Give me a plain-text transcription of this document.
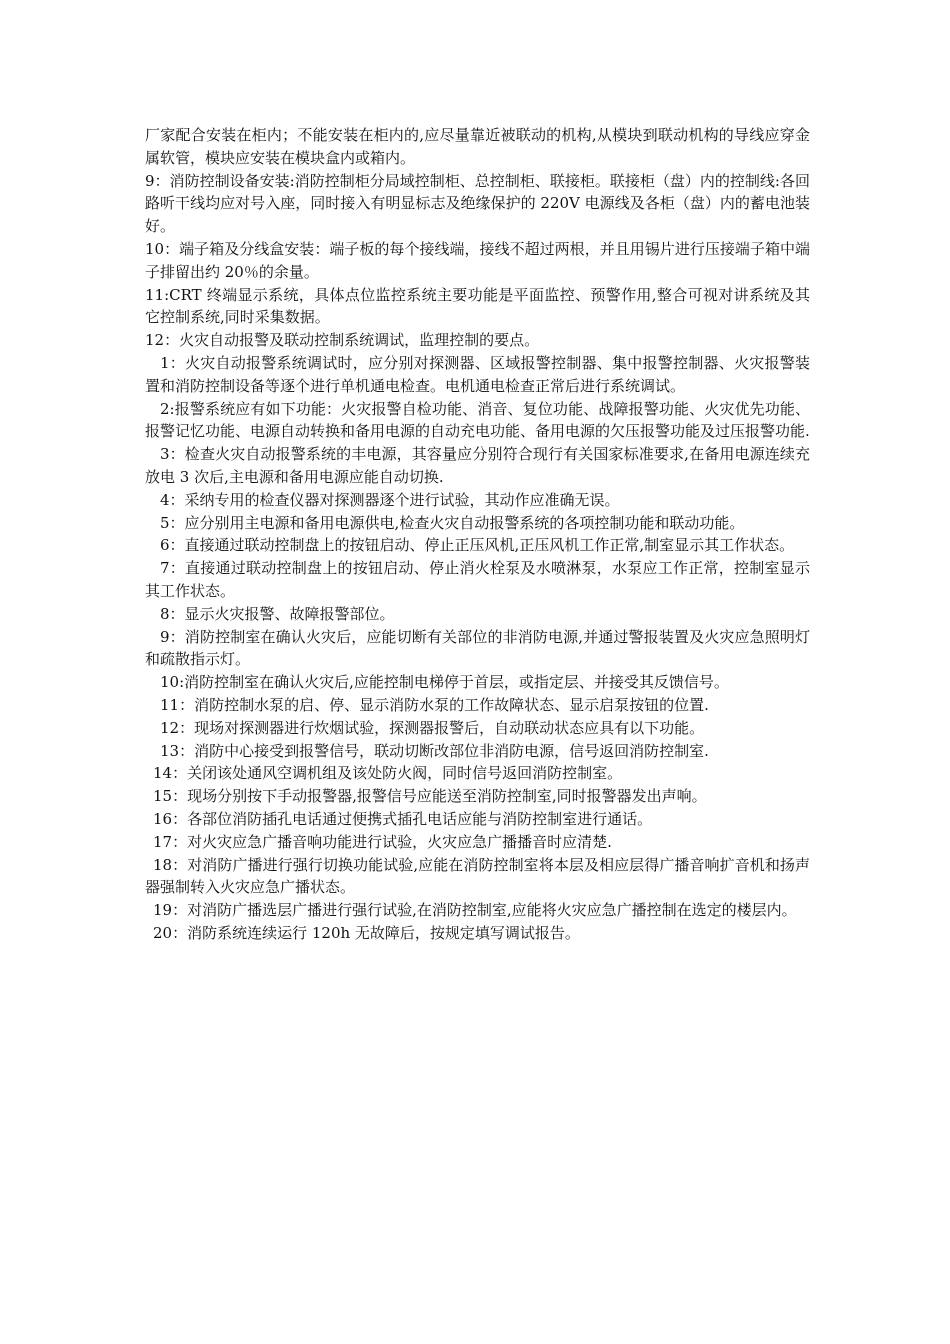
厂家配合安装在柜内；不能安装在柜内的,应尽量靠近被联动的机构,从模块到联动机构的导线应穿金属软管，模块应安装在模块盒内或箱内。

9：消防控制设备安装:消防控制柜分局域控制柜、总控制柜、联接柜。联接柜（盘）内的控制线:各回路听干线均应对号入座，同时接入有明显标志及绝缘保护的 220V 电源线及各柜（盘）内的蓄电池装好。

10：端子箱及分线盒安装：端子板的每个接线端，接线不超过两根，并且用锡片进行压接端子箱中端子排留出约 20％的余量。

11:CRT 终端显示系统，具体点位监控系统主要功能是平面监控、预警作用,整合可视对讲系统及其它控制系统,同时采集数据。

12：火灾自动报警及联动控制系统调试，监理控制的要点。

1：火灾自动报警系统调试时，应分别对探测器、区域报警控制器、集中报警控制器、火灾报警装置和消防控制设备等逐个进行单机通电检查。电机通电检查正常后进行系统调试。

2:报警系统应有如下功能：火灾报警自检功能、消音、复位功能、战障报警功能、火灾优先功能、报警记忆功能、电源自动转换和备用电源的自动充电功能、备用电源的欠压报警功能及过压报警功能.

3：检查火灾自动报警系统的丰电源，其容量应分别符合现行有关国家标准要求,在备用电源连续充放电 3 次后,主电源和备用电源应能自动切换.

4：采纳专用的检查仪器对探测器逐个进行试验，其动作应准确无误。

5：应分别用主电源和备用电源供电,检查火灾自动报警系统的各项控制功能和联动功能。

6：直接通过联动控制盘上的按钮启动、停止正压风机,正压风机工作正常,制室显示其工作状态。

7：直接通过联动控制盘上的按钮启动、停止消火栓泵及水喷淋泵，水泵应工作正常，控制室显示其工作状态。

8：显示火灾报警、故障报警部位。

9：消防控制室在确认火灾后，应能切断有关部位的非消防电源,并通过警报装置及火灾应急照明灯和疏散指示灯。

10:消防控制室在确认火灾后,应能控制电梯停于首层，或指定层、并接受其反馈信号。

11：消防控制水泵的启、停、显示消防水泵的工作故障状态、显示启泵按钮的位置.

12：现场对探测器进行炊烟试验，探测器报警后，自动联动状态应具有以下功能。

13：消防中心接受到报警信号，联动切断改部位非消防电源，信号返回消防控制室.

14：关闭该处通风空调机组及该处防火阀，同时信号返回消防控制室。

15：现场分别按下手动报警器,报警信号应能送至消防控制室,同时报警器发出声响。

16：各部位消防插孔电话通过便携式插孔电话应能与消防控制室进行通话。

17：对火灾应急广播音响功能进行试验，火灾应急广播播音时应清楚.

18：对消防广播进行强行切换功能试验,应能在消防控制室将本层及相应层得广播音响扩音机和扬声器强制转入火灾应急广播状态。

19：对消防广播选层广播进行强行试验,在消防控制室,应能将火灾应急广播控制在选定的楼层内。

20：消防系统连续运行 120h 无故障后，按规定填写调试报告。
